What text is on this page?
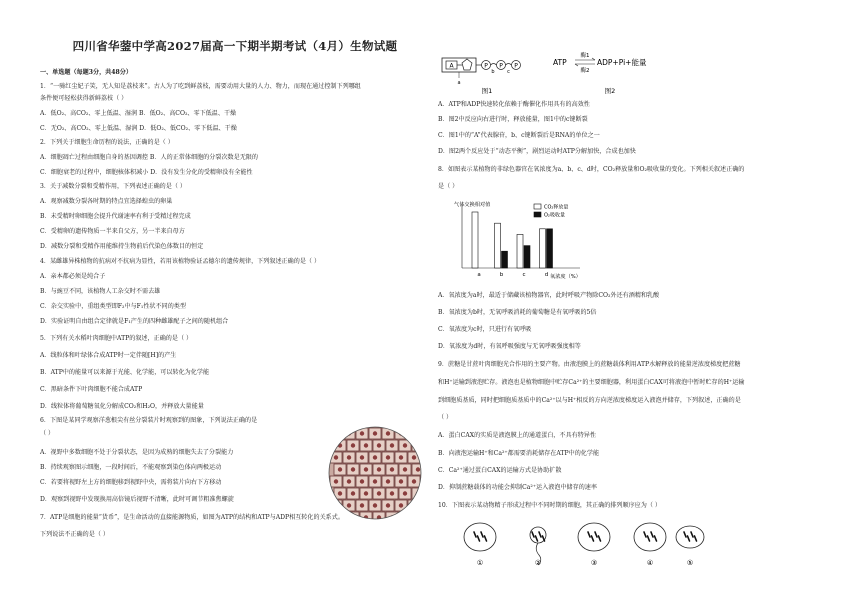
四川省华蓥中学高2027届高一下期半期考试（4月）生物试题
一、单选题（每题3分，共48分）
1．“一骑红尘妃子笑，无人知是荔枝来”。古人为了吃到鲜荔枝，需要动用大量的人力、物力，而现在通过控制下列哪组
条件便可轻松获得新鲜荔枝（ ）
A．低O₂、高CO₂、零上低温、湿润 B．低O₂、高CO₂、零下低温、干燥
C．无O₂、高CO₂、零上低温、湿润 D．低O₂、低CO₂、零下低温、干燥
2．下列关于细胞生命历程的说法，正确的是（ ）
A．细胞凋亡过程由细胞自身的基因调控 B．人的正常体细胞的分裂次数是无限的
C．细胞衰老的过程中，细胞核体积减小 D．没有发生分化的受精卵没有全能性
3．关于减数分裂和受精作用，下列表述正确的是（ ）
A．观察减数分裂各时期的特点宜选择蝗虫的卵巢
B．未受精时卵细胞会提升代谢速率有利于受精过程完成
C．受精卵的遗传物质一半来自父方，另一半来自母方
D．减数分裂和受精作用能维持生物前后代染色体数目的恒定
4．某雌雄异株植物的抗病对不抗病为显性，若用该植物验证孟德尔的遗传规律，下列叙述正确的是（ ）
A．亲本都必须是纯合子
B．与豌豆不同，该植物人工杂交时不需去雄
C．杂交实验中，重组类型即F₂中与F₁性状不同的类型
D．实验证明自由组合定律就是F₁产生的四种雌雄配子之间的随机组合
5．下列有关水稻叶肉细胞中ATP的叙述，正确的是（ ）
A．线粒体和叶绿体合成ATP时一定伴随[H]的产生
B．ATP中的能量可以来源于光能、化学能，可以转化为化学能
C．黑暗条件下叶肉细胞不能合成ATP
D．线粒体将葡萄糖氧化分解成CO₂和H₂O，并释放大量能量
6．下图是某同学观察洋葱根尖有丝分裂装片时观察到的图象，下列说法正确的是
（ ）
A．视野中多数细胞不处于分裂状态，是因为成熟的细胞失去了分裂能力
B．持续观察图示细胞，一段时间后，不能观察到染色体向两极运动
C．若要将视野左上方的细胞移到视野中央，需将装片向右下方移动
D．观察到视野中发现换用高倍镜后视野不清晰，此时可调节粗准焦螺旋
7．ATP是细胞的能量“货币”，是生命活动的直接能源物质，如图为ATP的结构和ATP与ADP相互转化的关系式。
下列说法不正确的是（ ）
A．ATP和ADP快速转化依赖于酶催化作用具有的高效性
B．图2中反应向右进行时，释放能量，图1中的c键断裂
C．图1中的“A”代表腺苷，b、c键断裂后是RNA的单位之一
D．图2两个反应处于“动态平衡”，剧烈运动时ATP分解加快，合成也加快
8．如图表示某植物的非绿色器官在氧浓度为a、b、c、d时，CO₂释放量和O₂吸收量的变化。下列相关叙述正确的
是（ ）
A．氧浓度为a时，最适于储藏该植物器官，此时呼吸产物除CO₂外还有酒精和乳酸
B．氧浓度为b时，无氧呼吸消耗的葡萄糖是有氧呼吸的5倍
C．氧浓度为c时，只进行有氧呼吸
D．氧浓度为d时，有氧呼吸强度与无氧呼吸强度相等
9．蔗糖是甘蔗叶肉细胞光合作用的主要产物。由液泡膜上的蔗糖载体利用ATP水解释放的能量逆浓度梯度把蔗糖
和H⁺运输到液泡贮存。液泡也是植物细胞中贮存Ca²⁺的主要细胞器，利用蛋白CAX可将液泡中暂时贮存的H⁺运输
到细胞质基质，同时把细胞质基质中的Ca²⁺以与H⁺相反的方向逆浓度梯度运入液泡并储存，下列叙述，正确的是
（ ）
A．蛋白CAX的实质是液泡膜上的通道蛋白，不具有特异性
B．向液泡运输H⁺和Ca²⁺都需要消耗储存在ATP中的化学能
C．Ca²⁺通过蛋白CAX的运输方式是协助扩散
D．抑制蔗糖载体的功能会抑制Ca²⁺运入液泡中储存的速率
10．下图表示某动物精子形成过程中不同时期的细胞，其正确的排列顺序应为（ ）
A	P
b
P
c
P
a
图1
ATP
酶1
酶2
ADP+Pi+能量
图2
气体交换相对值
氧浓度（%）
a	b	c	d
CO₂释放量
O₂吸收量
①	②	③	④	⑤
